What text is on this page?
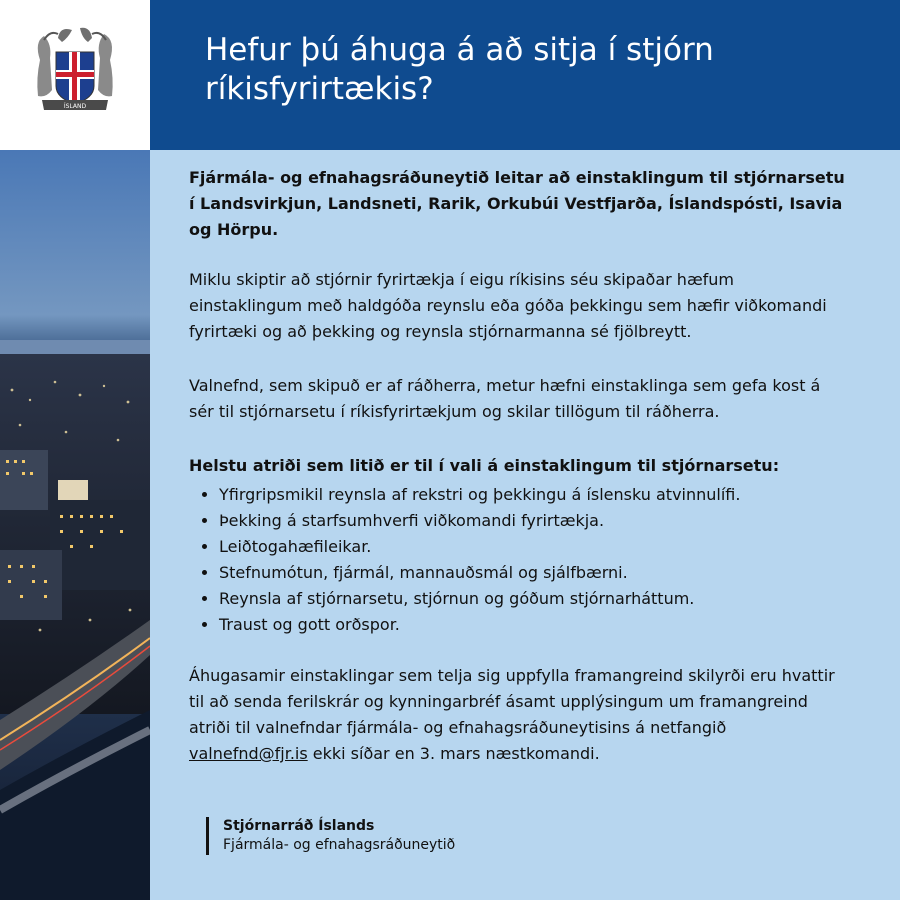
ÍSLAND
Hefur þú áhuga á að sitja í stjórn ríkisfyrirtækis?

Fjármála- og efnahagsráðuneytið leitar að einstaklingum til stjórnarsetu í Landsvirkjun, Landsneti, Rarik, Orkubúi Vestfjarða, Íslandspósti, Isavia og Hörpu.

Miklu skiptir að stjórnir fyrirtækja í eigu ríkisins séu skipaðar hæfum einstaklingum með haldgóða reynslu eða góða þekkingu sem hæfir viðkomandi fyrirtæki og að þekking og reynsla stjórnarmanna sé fjölbreytt.

Valnefnd, sem skipuð er af ráðherra, metur hæfni einstaklinga sem gefa kost á sér til stjórnarsetu í ríkisfyrirtækjum og skilar tillögum til ráðherra.

Helstu atriði sem litið er til í vali á einstaklingum til stjórnarsetu:

• Yfirgripsmikil reynsla af rekstri og þekkingu á íslensku atvinnulífi.
• Þekking á starfsumhverfi viðkomandi fyrirtækja.
• Leiðtogahæfileikar.
• Stefnumótun, fjármál, mannauðsmál og sjálfbærni.
• Reynsla af stjórnarsetu, stjórnun og góðum stjórnarháttum.
• Traust og gott orðspor.

Áhugasamir einstaklingar sem telja sig uppfylla framangreind skilyrði eru hvattir til að senda ferilskrár og kynningarbréf ásamt upplýsingum um framangreind atriði til valnefndar fjármála- og efnahagsráðuneytisins á netfangið valnefnd@fjr.is ekki síðar en 3. mars næstkomandi.

Stjórnarráð Íslands
Fjármála- og efnahagsráðuneytið
